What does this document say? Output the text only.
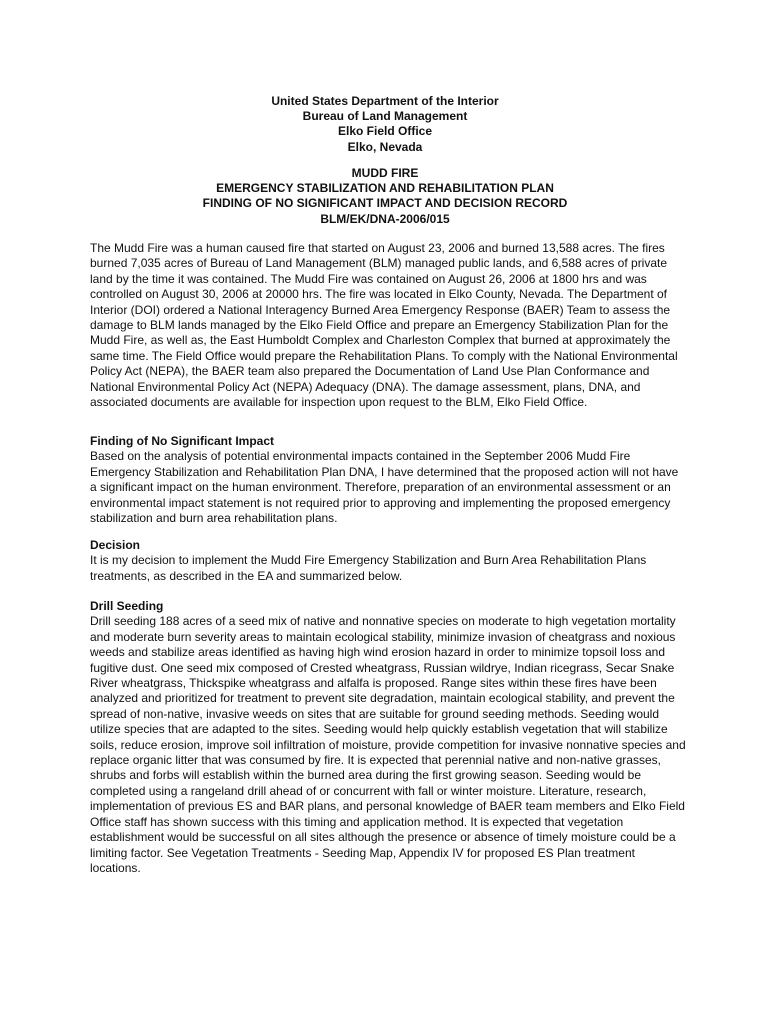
United States Department of the Interior
Bureau of Land Management
Elko Field Office
Elko, Nevada
MUDD FIRE
EMERGENCY STABILIZATION AND REHABILITATION PLAN
FINDING OF NO SIGNIFICANT IMPACT AND DECISION RECORD
BLM/EK/DNA-2006/015
The Mudd Fire was a human caused fire that started on August 23, 2006 and burned 13,588 acres. The fires burned 7,035 acres of Bureau of Land Management (BLM) managed public lands, and 6,588 acres of private land by the time it was contained. The Mudd Fire was contained on August 26, 2006 at 1800 hrs and was controlled on August 30, 2006 at 20000 hrs. The fire was located in Elko County, Nevada. The Department of Interior (DOI) ordered a National Interagency Burned Area Emergency Response (BAER) Team to assess the damage to BLM lands managed by the Elko Field Office and prepare an Emergency Stabilization Plan for the Mudd Fire, as well as, the East Humboldt Complex and Charleston Complex that burned at approximately the same time. The Field Office would prepare the Rehabilitation Plans. To comply with the National Environmental Policy Act (NEPA), the BAER team also prepared the Documentation of Land Use Plan Conformance and National Environmental Policy Act (NEPA) Adequacy (DNA). The damage assessment, plans, DNA, and associated documents are available for inspection upon request to the BLM, Elko Field Office.
Finding of No Significant Impact
Based on the analysis of potential environmental impacts contained in the September 2006 Mudd Fire Emergency Stabilization and Rehabilitation Plan DNA, I have determined that the proposed action will not have a significant impact on the human environment. Therefore, preparation of an environmental assessment or an environmental impact statement is not required prior to approving and implementing the proposed emergency stabilization and burn area rehabilitation plans.
Decision
It is my decision to implement the Mudd Fire Emergency Stabilization and Burn Area Rehabilitation Plans treatments, as described in the EA and summarized below.
Drill Seeding
Drill seeding 188 acres of a seed mix of native and nonnative species on moderate to high vegetation mortality and moderate burn severity areas to maintain ecological stability, minimize invasion of cheatgrass and noxious weeds and stabilize areas identified as having high wind erosion hazard in order to minimize topsoil loss and fugitive dust. One seed mix composed of Crested wheatgrass, Russian wildrye, Indian ricegrass, Secar Snake River wheatgrass, Thickspike wheatgrass and alfalfa is proposed. Range sites within these fires have been analyzed and prioritized for treatment to prevent site degradation, maintain ecological stability, and prevent the spread of non-native, invasive weeds on sites that are suitable for ground seeding methods. Seeding would utilize species that are adapted to the sites. Seeding would help quickly establish vegetation that will stabilize soils, reduce erosion, improve soil infiltration of moisture, provide competition for invasive nonnative species and replace organic litter that was consumed by fire. It is expected that perennial native and non-native grasses, shrubs and forbs will establish within the burned area during the first growing season. Seeding would be completed using a rangeland drill ahead of or concurrent with fall or winter moisture. Literature, research, implementation of previous ES and BAR plans, and personal knowledge of BAER team members and Elko Field Office staff has shown success with this timing and application method. It is expected that vegetation establishment would be successful on all sites although the presence or absence of timely moisture could be a limiting factor. See Vegetation Treatments - Seeding Map, Appendix IV for proposed ES Plan treatment locations.
